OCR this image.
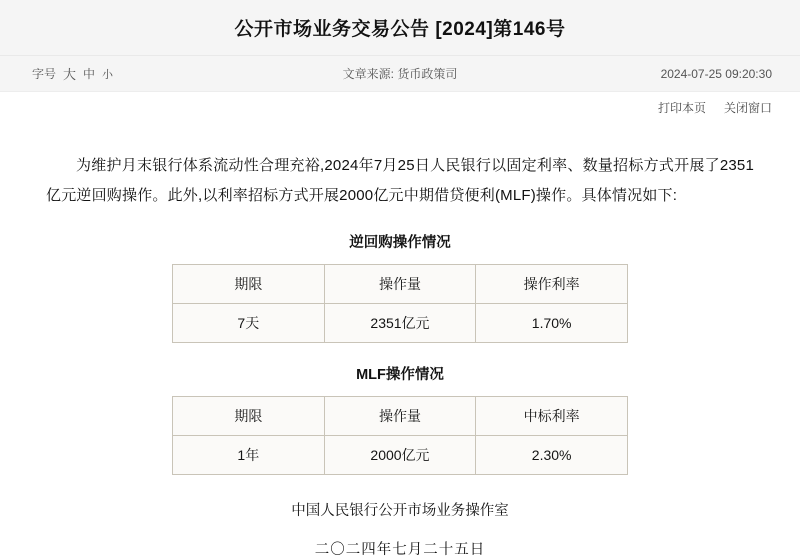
公开市场业务交易公告 [2024]第146号
字号 大 中 小	文章来源: 货币政策司	2024-07-25 09:20:30
打印本页 关闭窗口

为维护月末银行体系流动性合理充裕,2024年7月25日人民银行以固定利率、数量招标方式开展了2351亿元逆回购操作。此外,以利率招标方式开展2000亿元中期借贷便利(MLF)操作。具体情况如下:

逆回购操作情况
期限	操作量	操作利率
7天	2351亿元	1.70%
MLF操作情况
期限	操作量	中标利率
1年	2000亿元	2.30%
中国人民银行公开市场业务操作室
二〇二四年七月二十五日
